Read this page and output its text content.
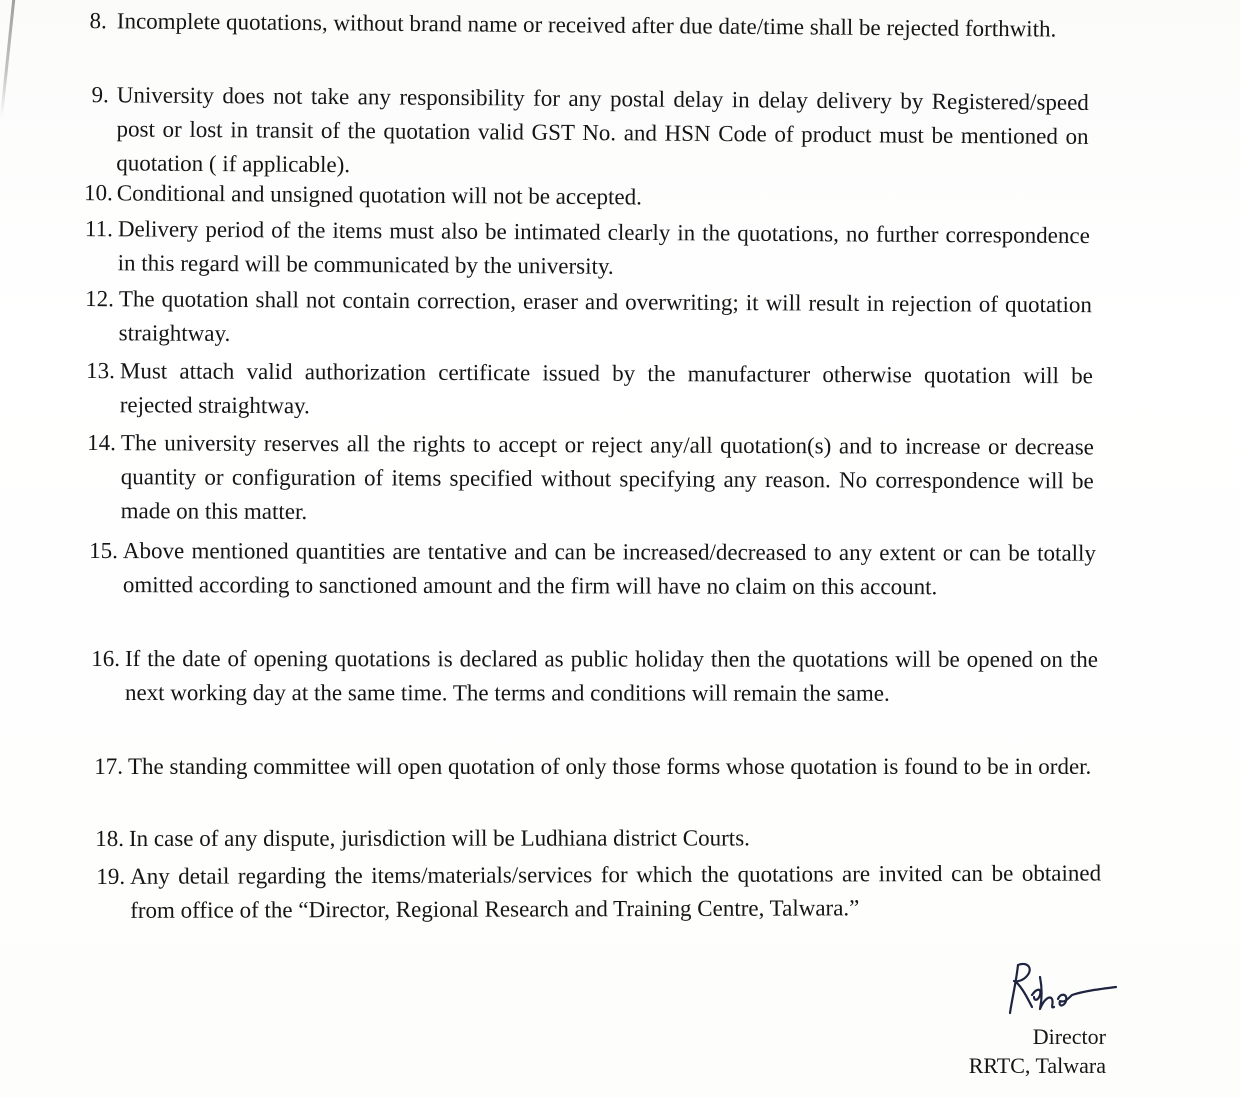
8. Incomplete quotations, without brand name or received after due date/time shall be rejected forthwith.
9. University does not take any responsibility for any postal delay in delay delivery by Registered/speed post or lost in transit of the quotation valid GST No. and HSN Code of product must be mentioned on quotation ( if applicable).
10. Conditional and unsigned quotation will not be accepted.
11. Delivery period of the items must also be intimated clearly in the quotations, no further correspondence in this regard will be communicated by the university.
12. The quotation shall not contain correction, eraser and overwriting; it will result in rejection of quotation straightway.
13. Must attach valid authorization certificate issued by the manufacturer otherwise quotation will be rejected straightway.
14. The university reserves all the rights to accept or reject any/all quotation(s) and to increase or decrease quantity or configuration of items specified without specifying any reason. No correspondence will be made on this matter.
15. Above mentioned quantities are tentative and can be increased/decreased to any extent or can be totally omitted according to sanctioned amount and the firm will have no claim on this account.
16. If the date of opening quotations is declared as public holiday then the quotations will be opened on the next working day at the same time. The terms and conditions will remain the same.
17. The standing committee will open quotation of only those forms whose quotation is found to be in order.
18. In case of any dispute, jurisdiction will be Ludhiana district Courts.
19. Any detail regarding the items/materials/services for which the quotations are invited can be obtained from office of the “Director, Regional Research and Training Centre, Talwara.”
Director
RRTC, Talwara
